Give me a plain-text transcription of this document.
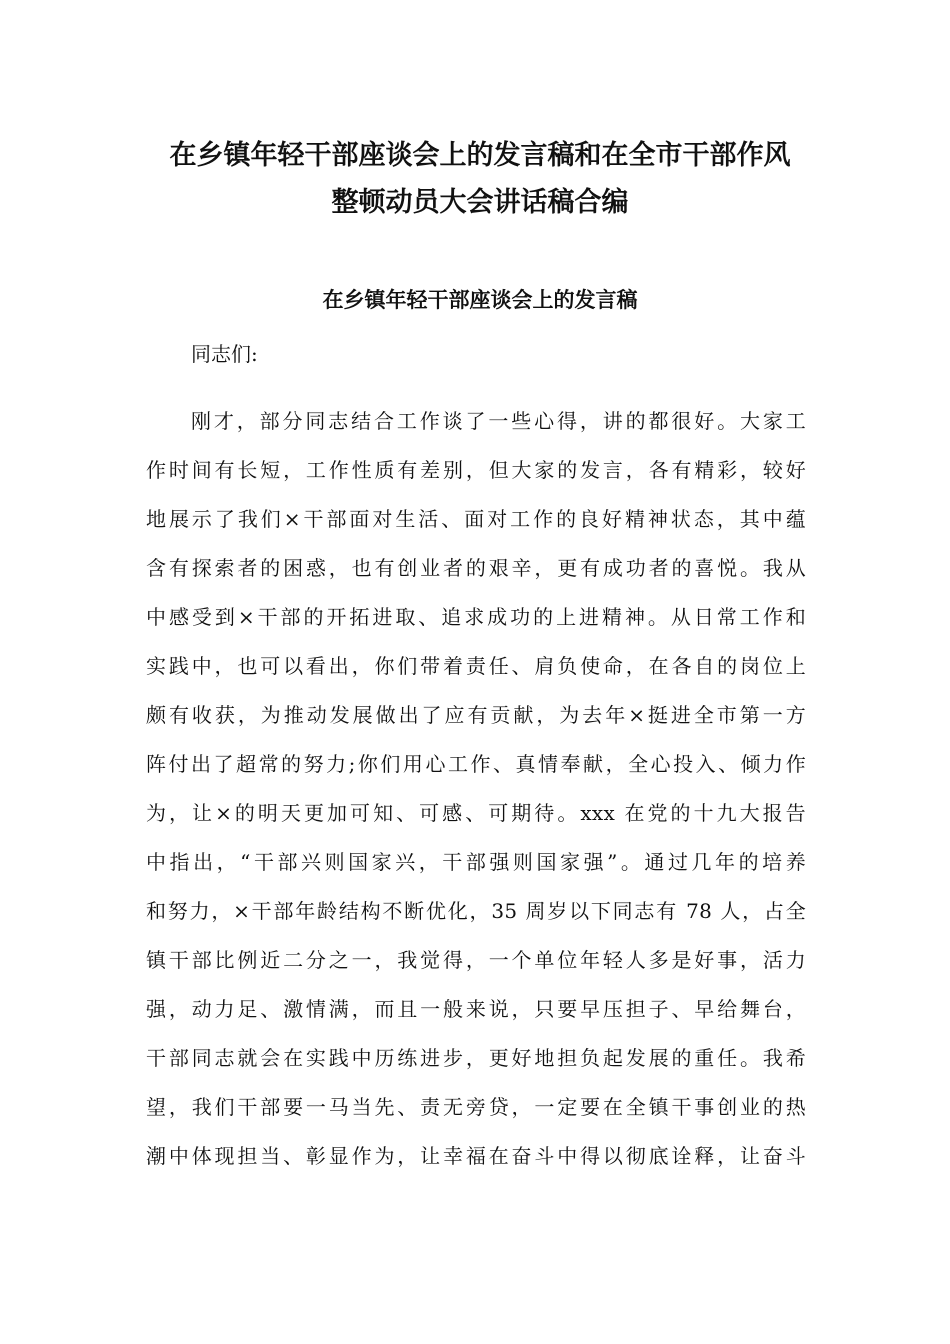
在乡镇年轻干部座谈会上的发言稿和在全市干部作风
整顿动员大会讲话稿合编
在乡镇年轻干部座谈会上的发言稿

同志们:

刚才，部分同志结合工作谈了一些心得，讲的都很好。大家工

作时间有长短，工作性质有差别，但大家的发言，各有精彩，较好

地展示了我们×干部面对生活、面对工作的良好精神状态，其中蕴

含有探索者的困惑，也有创业者的艰辛，更有成功者的喜悦。我从

中感受到×干部的开拓进取、追求成功的上进精神。从日常工作和

实践中，也可以看出，你们带着责任、肩负使命，在各自的岗位上

颇有收获，为推动发展做出了应有贡献，为去年×挺进全市第一方

阵付出了超常的努力;你们用心工作、真情奉献，全心投入、倾力作

为，让×的明天更加可知、可感、可期待。xxx 在党的十九大报告

中指出，“干部兴则国家兴，干部强则国家强”。通过几年的培养

和努力，×干部年龄结构不断优化，35 周岁以下同志有 78 人，占全

镇干部比例近二分之一，我觉得，一个单位年轻人多是好事，活力

强，动力足、激情满，而且一般来说，只要早压担子、早给舞台，

干部同志就会在实践中历练进步，更好地担负起发展的重任。我希

望，我们干部要一马当先、责无旁贷，一定要在全镇干事创业的热

潮中体现担当、彰显作为，让幸福在奋斗中得以彻底诠释，让奋斗
